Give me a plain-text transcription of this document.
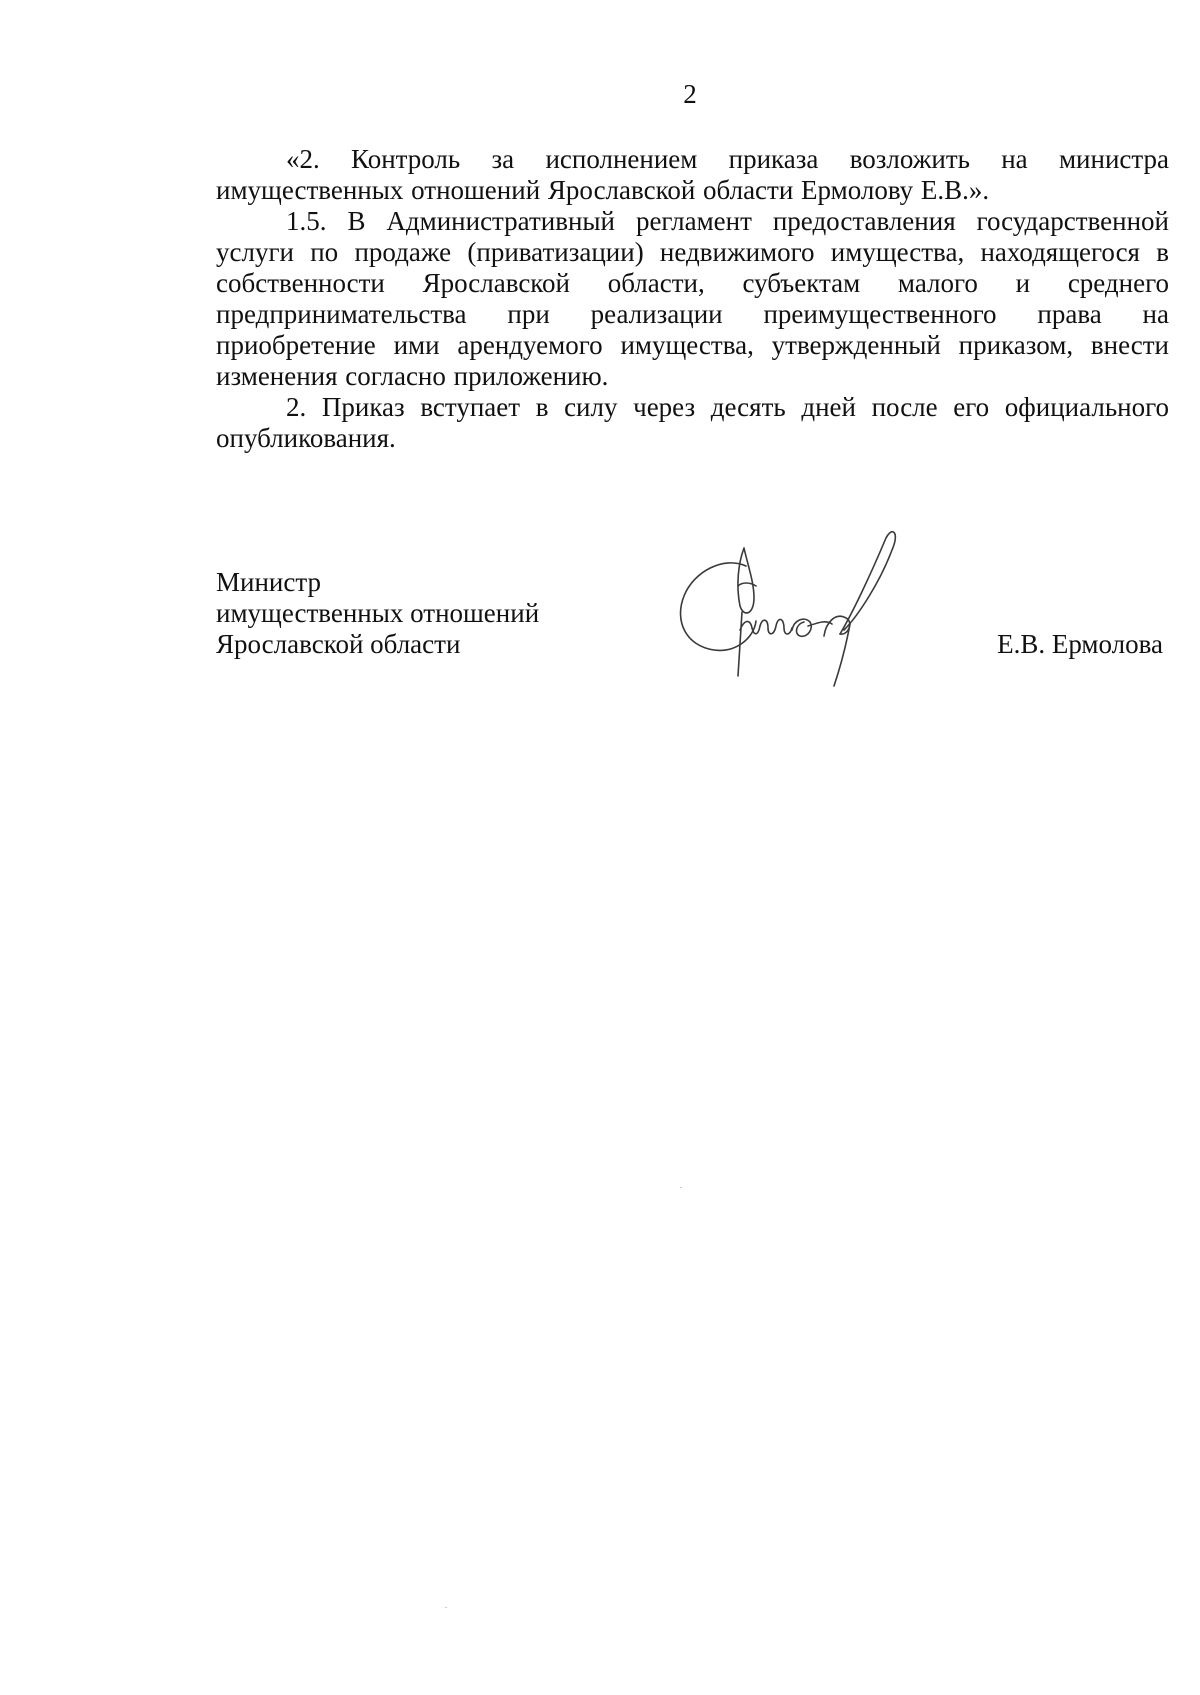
2

«2. Контроль за исполнением приказа возложить на министра имущественных отношений Ярославской области Ермолову Е.В.».

1.5. В Административный регламент предоставления государственной услуги по продаже (приватизации) недвижимого имущества, находящегося в собственности Ярославской области, субъектам малого и среднего предпринимательства при реализации преимущественного права на приобретение ими арендуемого имущества, утвержденный приказом, внести изменения согласно приложению.

2. Приказ вступает в силу через десять дней после его официального опубликования.

Министр
имущественных отношений
Ярославской области	Е.В. Ермолова
